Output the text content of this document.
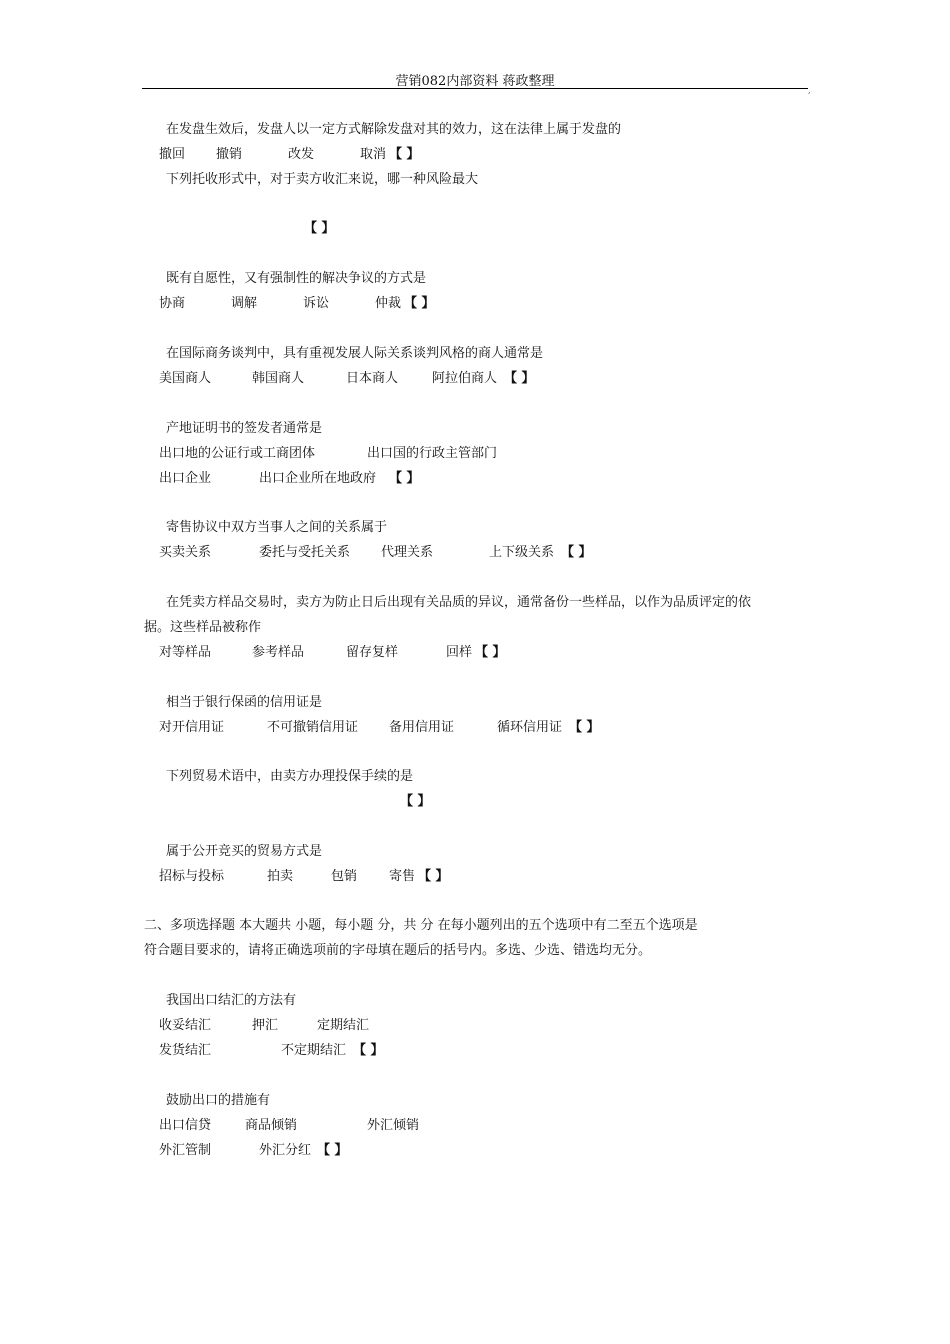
营销082内部资料 蒋政整理
,
在发盘生效后，发盘人以一定方式解除发盘对其的效力，这在法律上属于发盘的
撤回 撤销	改发	取消 【 】
下列托收形式中，对于卖方收汇来说，哪一种风险最大
【 】
既有自愿性，又有强制性的解决争议的方式是
协商	调解	诉讼	仲裁 【 】
在国际商务谈判中，具有重视发展人际关系谈判风格的商人通常是
美国商人	韩国商人	日本商人	阿拉伯商人 【 】
产地证明书的签发者通常是
出口地的公证行或工商团体	出口国的行政主管部门
出口企业	出口企业所在地政府 【 】
寄售协议中双方当事人之间的关系属于
买卖关系	委托与受托关系 代理关系	上下级关系 【 】
在凭卖方样品交易时，卖方为防止日后出现有关品质的异议，通常备份一些样品，以作为品质评定的依
据。这些样品被称作
对等样品	参考样品	留存复样	回样 【 】
相当于银行保函的信用证是
对开信用证	不可撤销信用证 备用信用证	循环信用证 【 】
下列贸易术语中，由卖方办理投保手续的是
【 】
属于公开竞买的贸易方式是
招标与投标	拍卖	包销 寄售 【 】
二、多项选择题 本大题共 小题，每小题 分，共 分 在每小题列出的五个选项中有二至五个选项是
符合题目要求的，请将正确选项前的字母填在题后的括号内。多选、少选、错选均无分。
我国出口结汇的方法有
收妥结汇	押汇	定期结汇
发货结汇	不定期结汇 【 】
鼓励出口的措施有
出口信贷	商品倾销	外汇倾销
外汇管制	外汇分红 【 】
